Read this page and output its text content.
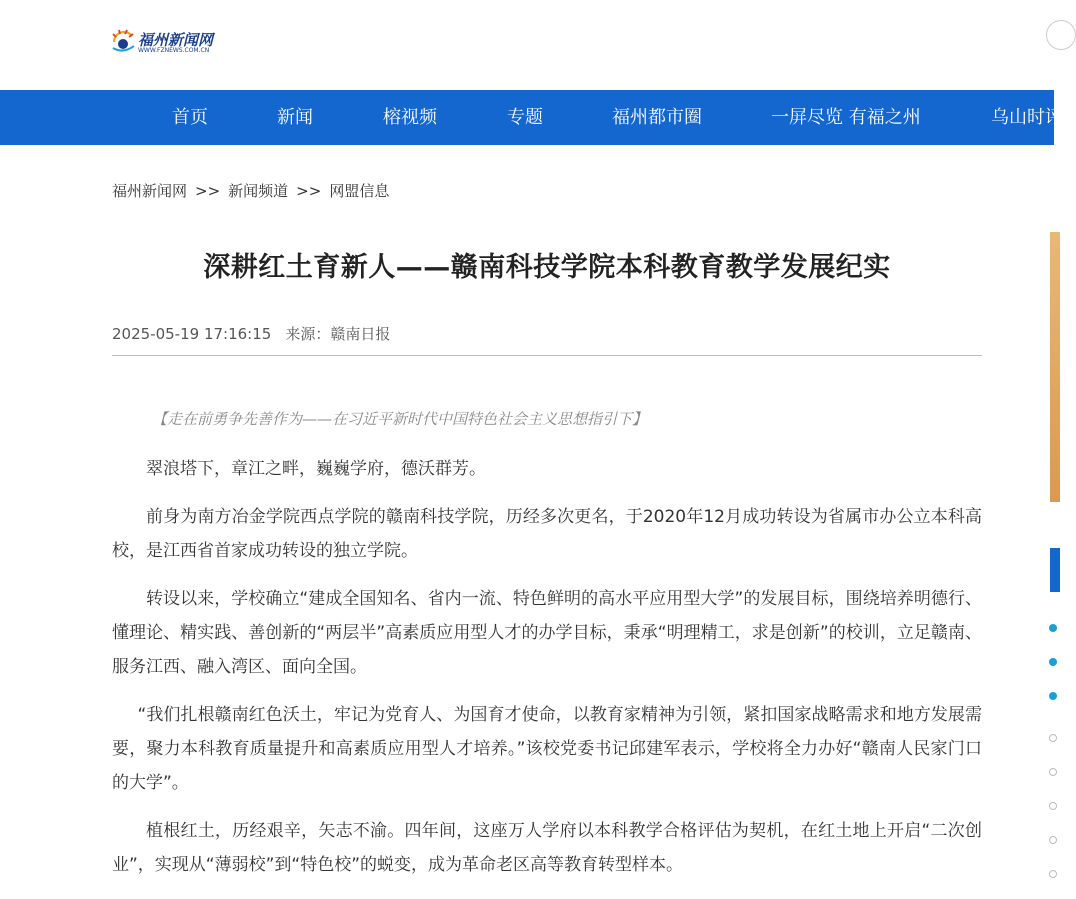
福州新闻网
WWW.FZNEWS.COM.CN
首页	新闻	榕视频	专题	福州都市圈	一屏尽览 有福之州	乌山时评
福州新闻网 >> 新闻频道 >> 网盟信息
深耕红土育新人——赣南科技学院本科教育教学发展纪实
2025-05-19 17:16:15 来源：赣南日报
【走在前勇争先善作为——在习近平新时代中国特色社会主义思想指引下】

翠浪塔下，章江之畔，巍巍学府，德沃群芳。

前身为南方冶金学院西点学院的赣南科技学院，历经多次更名，于2020年12月成功转设为省属市办公立本科高校，是江西省首家成功转设的独立学院。

转设以来，学校确立“建成全国知名、省内一流、特色鲜明的高水平应用型大学”的发展目标，围绕培养明德行、懂理论、精实践、善创新的“两层半”高素质应用型人才的办学目标，秉承“明理精工，求是创新”的校训，立足赣南、服务江西、融入湾区、面向全国。

“我们扎根赣南红色沃土，牢记为党育人、为国育才使命，以教育家精神为引领，紧扣国家战略需求和地方发展需要，聚力本科教育质量提升和高素质应用型人才培养。”该校党委书记邱建军表示，学校将全力办好“赣南人民家门口的大学”。

植根红土，历经艰辛，矢志不渝。四年间，这座万人学府以本科教学合格评估为契机，在红土地上开启“二次创业”，实现从“薄弱校”到“特色校”的蜕变，成为革命老区高等教育转型样本。
